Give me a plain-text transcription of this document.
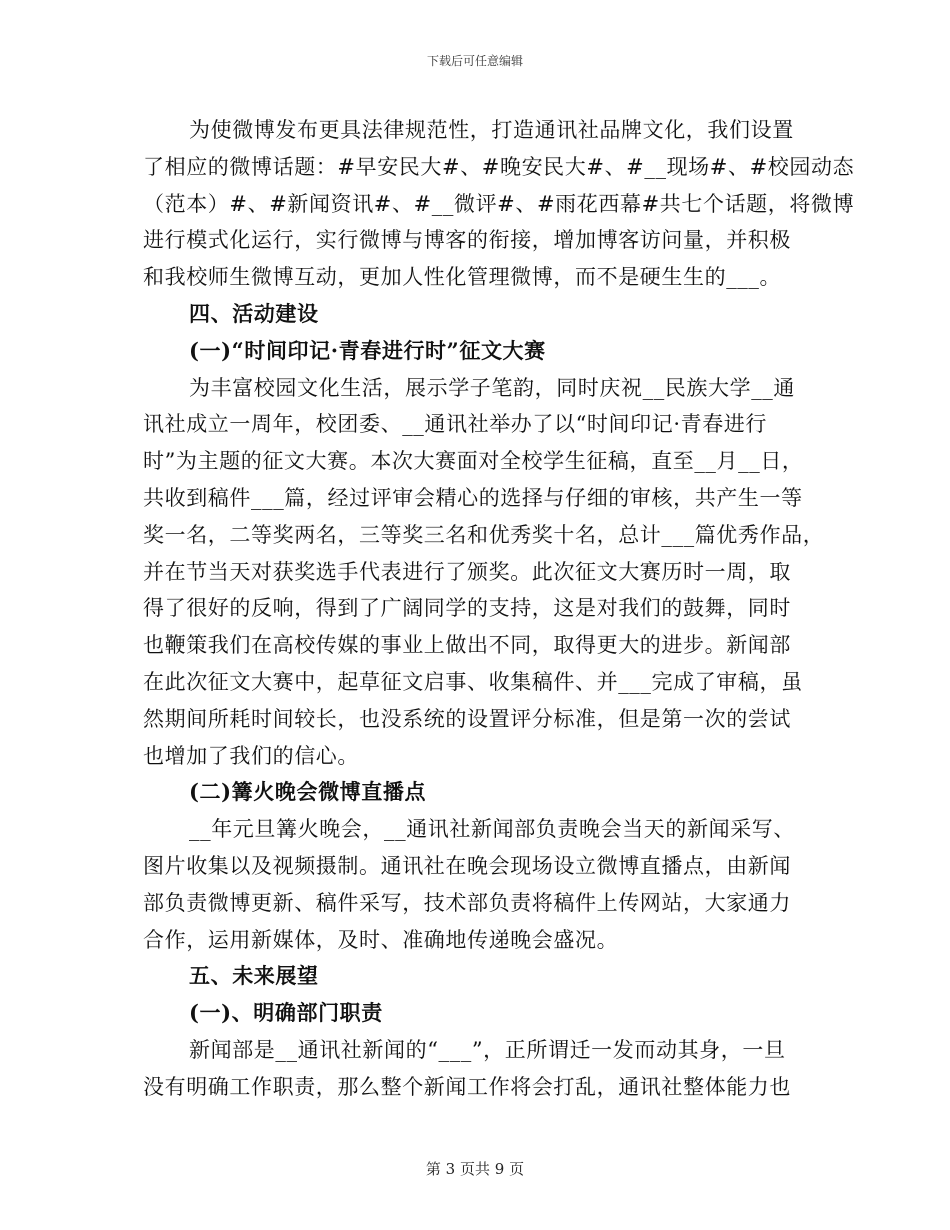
下载后可任意编辑
为使微博发布更具法律规范性，打造通讯社品牌文化，我们设置
了相应的微博话题：#早安民大#、#晚安民大#、#__现场#、#校园动态
（范本）#、#新闻资讯#、#__微评#、#雨花西幕#共七个话题，将微博
进行模式化运行，实行微博与博客的衔接，增加博客访问量，并积极
和我校师生微博互动，更加人性化管理微博，而不是硬生生的___。
四、活动建设
(一)“时间印记·青春进行时”征文大赛
为丰富校园文化生活，展示学子笔韵，同时庆祝__民族大学__通
讯社成立一周年，校团委、__通讯社举办了以“时间印记·青春进行
时”为主题的征文大赛。本次大赛面对全校学生征稿，直至__月__日，
共收到稿件___篇，经过评审会精心的选择与仔细的审核，共产生一等
奖一名，二等奖两名，三等奖三名和优秀奖十名，总计___篇优秀作品，
并在节当天对获奖选手代表进行了颁奖。此次征文大赛历时一周，取
得了很好的反响，得到了广阔同学的支持，这是对我们的鼓舞，同时
也鞭策我们在高校传媒的事业上做出不同，取得更大的进步。新闻部
在此次征文大赛中，起草征文启事、收集稿件、并___完成了审稿，虽
然期间所耗时间较长，也没系统的设置评分标准，但是第一次的尝试
也增加了我们的信心。
(二)篝火晚会微博直播点
__年元旦篝火晚会，__通讯社新闻部负责晚会当天的新闻采写、
图片收集以及视频摄制。通讯社在晚会现场设立微博直播点，由新闻
部负责微博更新、稿件采写，技术部负责将稿件上传网站，大家通力
合作，运用新媒体，及时、准确地传递晚会盛况。
五、未来展望
(一)、明确部门职责
新闻部是__通讯社新闻的“___”，正所谓迁一发而动其身，一旦
没有明确工作职责，那么整个新闻工作将会打乱，通讯社整体能力也
第 3 页共 9 页
